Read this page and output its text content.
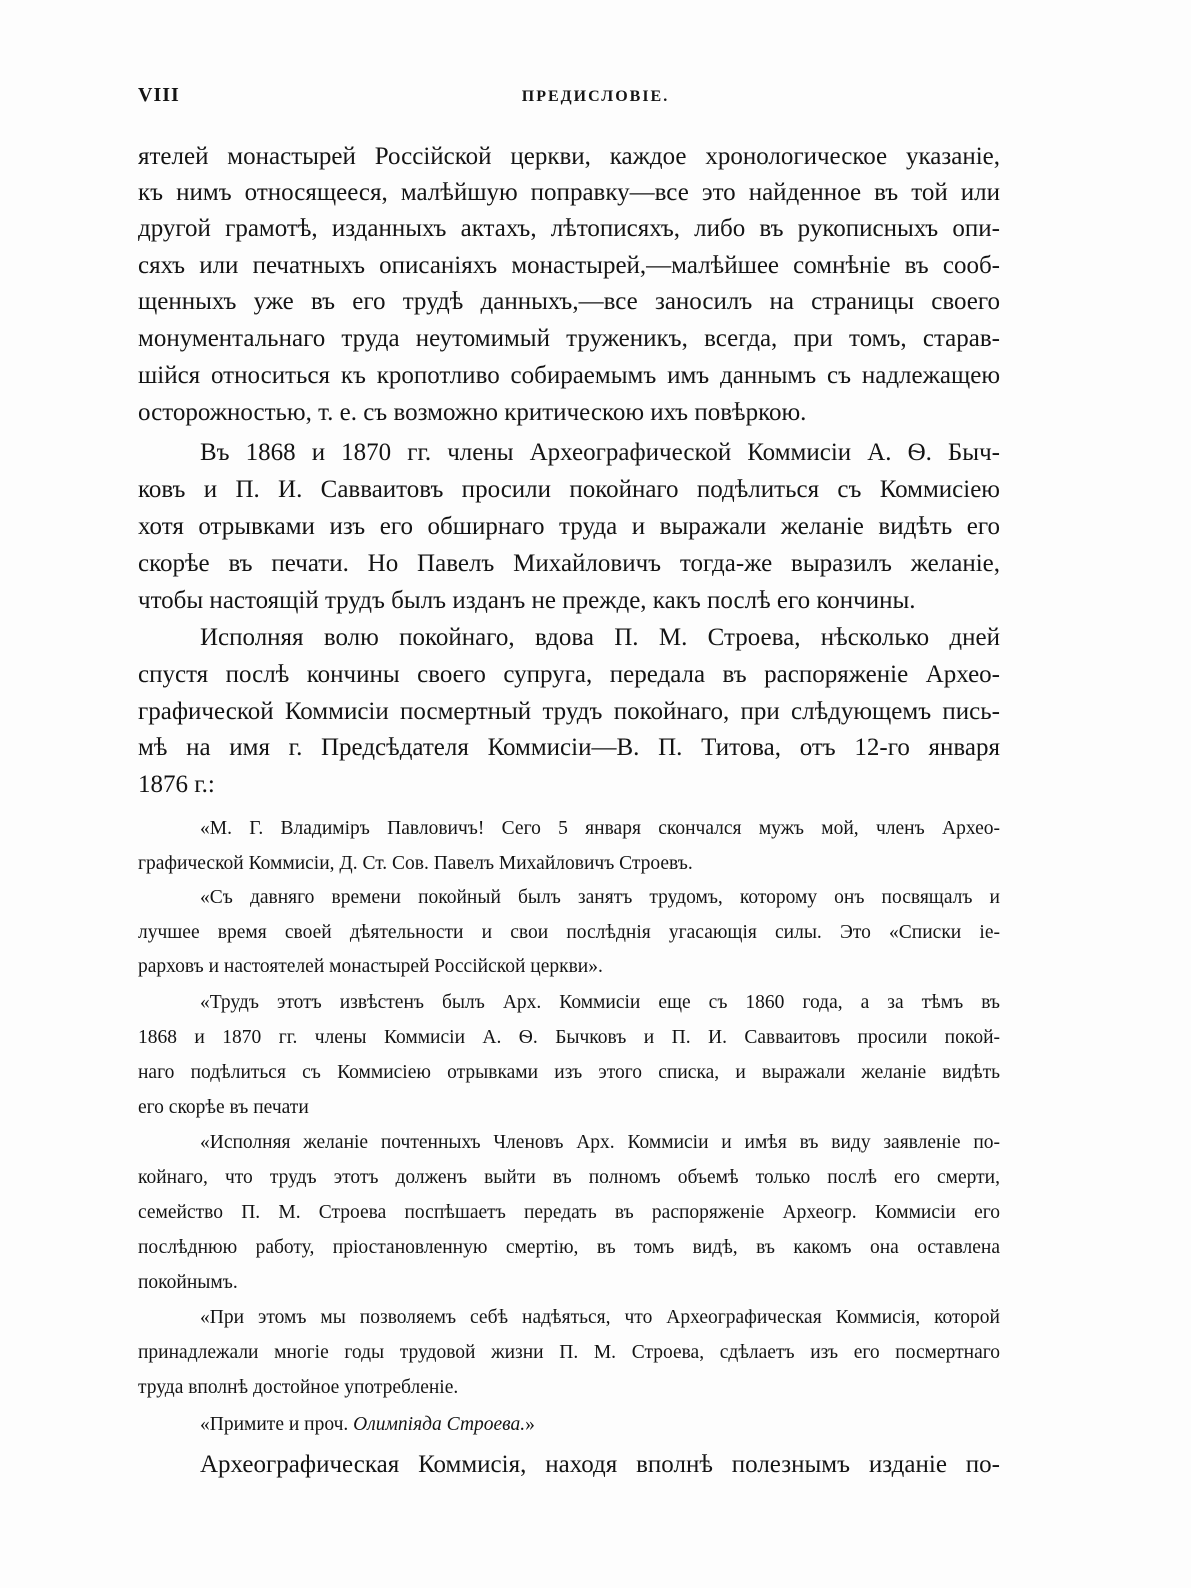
VIII	ПРЕДИСЛОВІЕ.
ятелей монастырей Россійской церкви, каждое хронологическое указаніе,
къ нимъ относящееся, малѣйшую поправку—все это найденное въ той или
другой грамотѣ, изданныхъ актахъ, лѣтописяхъ, либо въ рукописныхъ опи-
сяхъ или печатныхъ описаніяхъ монастырей,—малѣйшее сомнѣніе въ сооб-
щенныхъ уже въ его трудѣ данныхъ,—все заносилъ на страницы своего
монументальнаго труда неутомимый труженикъ, всегда, при томъ, старав-
шійся относиться къ кропотливо собираемымъ имъ даннымъ съ надлежащею
осторожностью, т. е. съ возможно критическою ихъ повѣркою.
Въ 1868 и 1870 гг. члены Археографической Коммисіи А. Ѳ. Быч-
ковъ и П. И. Савваитовъ просили покойнаго подѣлиться съ Коммисіею
хотя отрывками изъ его обширнаго труда и выражали желаніе видѣть его
скорѣе въ печати. Но Павелъ Михайловичъ тогда-же выразилъ желаніе,
чтобы настоящій трудъ былъ изданъ не прежде, какъ послѣ его кончины.
Исполняя волю покойнаго, вдова П. М. Строева, нѣсколько дней
спустя послѣ кончины своего супруга, передала въ распоряженіе Архео-
графической Коммисіи посмертный трудъ покойнаго, при слѣдующемъ пись-
мѣ на имя г. Предсѣдателя Коммисіи—В. П. Титова, отъ 12-го января
1876 г.:
«М. Г. Владиміръ Павловичъ! Сего 5 января скончался мужъ мой, членъ Архео-
графической Коммисіи, Д. Ст. Сов. Павелъ Михайловичъ Строевъ.
«Съ давняго времени покойный былъ занятъ трудомъ, которому онъ посвящалъ и
лучшее время своей дѣятельности и свои послѣднія угасающія силы. Это «Списки іе-
рарховъ и настоятелей монастырей Россійской церкви».
«Трудъ этотъ извѣстенъ былъ Арх. Коммисіи еще съ 1860 года, а за тѣмъ въ
1868 и 1870 гг. члены Коммисіи А. Ѳ. Бычковъ и П. И. Савваитовъ просили покой-
наго подѣлиться съ Коммисіею отрывками изъ этого списка, и выражали желаніе видѣть
его скорѣе въ печати
«Исполняя желаніе почтенныхъ Членовъ Арх. Коммисіи и имѣя въ виду заявленіе по-
койнаго, что трудъ этотъ долженъ выйти въ полномъ объемѣ только послѣ его смерти,
семейство П. М. Строева поспѣшаетъ передать въ распоряженіе Археогр. Коммисіи его
послѣднюю работу, пріостановленную смертію, въ томъ видѣ, въ какомъ она оставлена
покойнымъ.
«При этомъ мы позволяемъ себѣ надѣяться, что Археографическая Коммисія, которой
принадлежали многіе годы трудовой жизни П. М. Строева, сдѣлаетъ изъ его посмертнаго
труда вполнѣ достойное употребленіе.
«Примите и проч. Олимпіяда Строева.»
Археографическая Коммисія, находя вполнѣ полезнымъ изданіе по-
